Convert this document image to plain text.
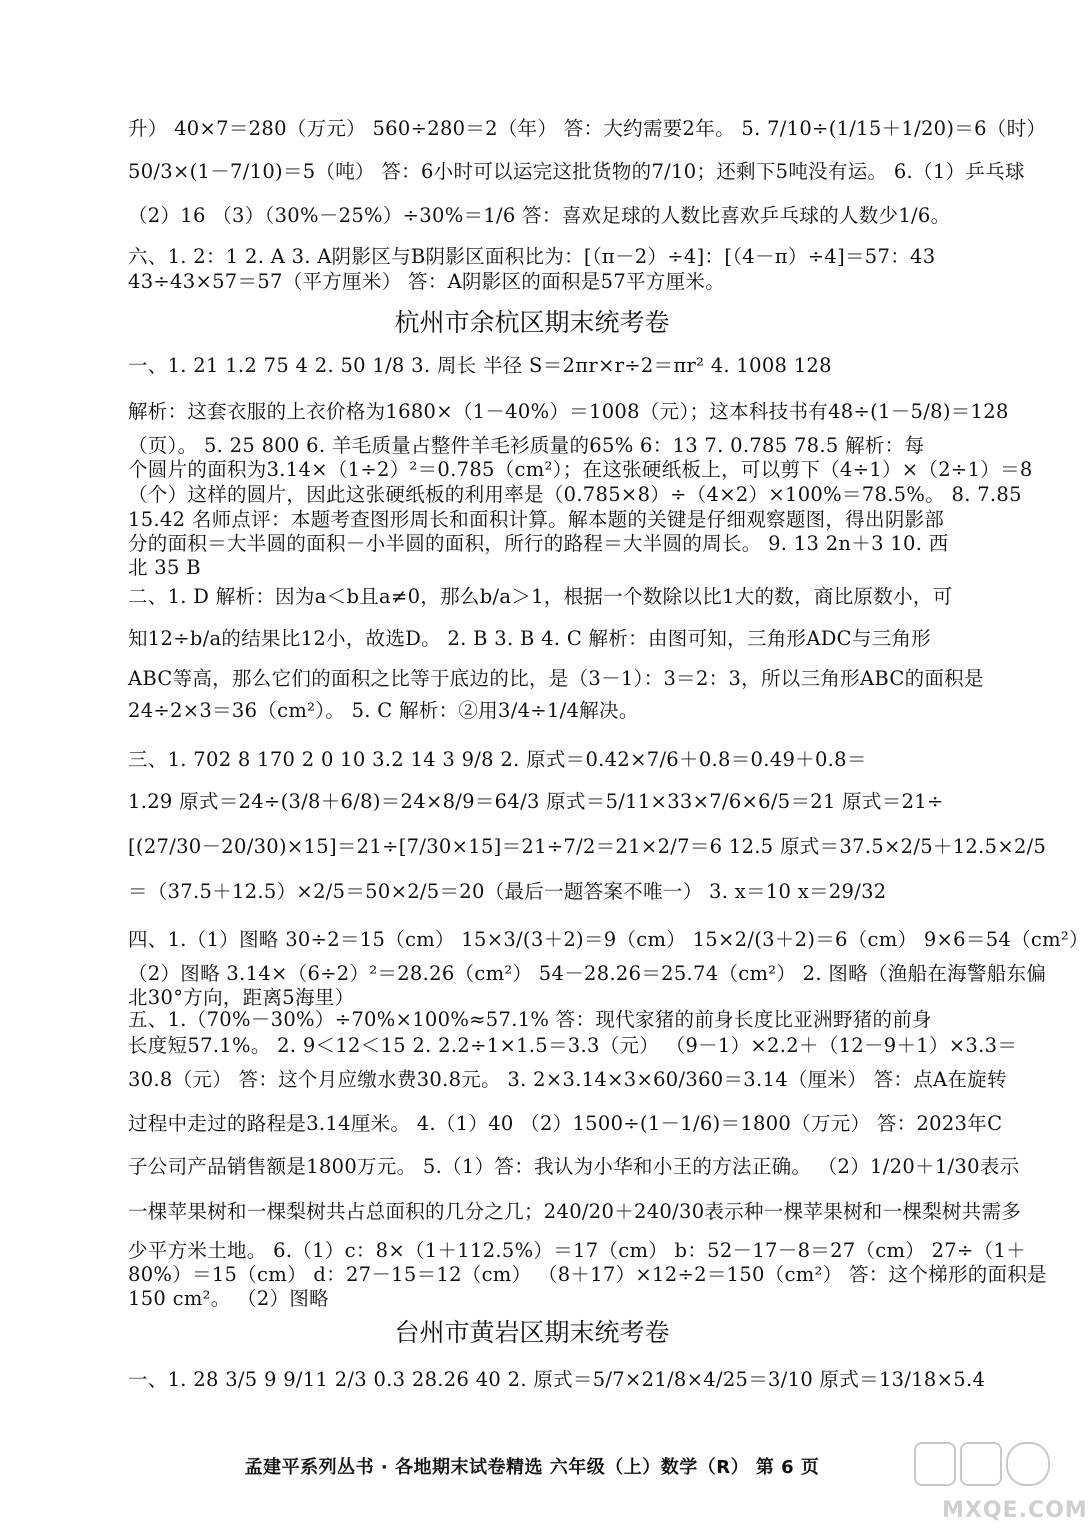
升） 40×7＝280（万元） 560÷280＝2（年） 答：大约需要2年。 5. 7/10÷(1/15＋1/20)＝6（时）
50/3×(1－7/10)＝5（吨） 答：6小时可以运完这批货物的7/10；还剩下5吨没有运。 6.（1）乒乓球
（2）16 （3）（30%－25%）÷30%＝1/6 答：喜欢足球的人数比喜欢乒乓球的人数少1/6。
六、1. 2：1 2. A 3. A阴影区与B阴影区面积比为：[（π－2）÷4]：[（4－π）÷4]＝57：43
43÷43×57＝57（平方厘米） 答：A阴影区的面积是57平方厘米。
杭州市余杭区期末统考卷
一、1. 21 1.2 75 4 2. 50 1/8 3. 周长 半径 S＝2πr×r÷2＝πr² 4. 1008 128
解析：这套衣服的上衣价格为1680×（1－40%）＝1008（元）；这本科技书有48÷(1－5/8)＝128
（页）。 5. 25 800 6. 羊毛质量占整件羊毛衫质量的65% 6：13 7. 0.785 78.5 解析：每
个圆片的面积为3.14×（1÷2）²＝0.785（cm²）；在这张硬纸板上，可以剪下（4÷1）×（2÷1）＝8
（个）这样的圆片，因此这张硬纸板的利用率是（0.785×8）÷（4×2）×100%＝78.5%。 8. 7.85
15.42 名师点评：本题考查图形周长和面积计算。解本题的关键是仔细观察题图，得出阴影部
分的面积＝大半圆的面积－小半圆的面积，所行的路程＝大半圆的周长。 9. 13 2n＋3 10. 西
北 35 B
二、1. D 解析：因为a＜b且a≠0，那么b/a＞1，根据一个数除以比1大的数，商比原数小，可
知12÷b/a的结果比12小，故选D。 2. B 3. B 4. C 解析：由图可知，三角形ADC与三角形
ABC等高，那么它们的面积之比等于底边的比，是（3－1）：3＝2：3，所以三角形ABC的面积是
24÷2×3＝36（cm²）。 5. C 解析：②用3/4÷1/4解决。
三、1. 702 8 170 2 0 10 3.2 14 3 9/8 2. 原式＝0.42×7/6＋0.8＝0.49＋0.8＝
1.29 原式＝24÷(3/8＋6/8)＝24×8/9＝64/3 原式＝5/11×33×7/6×6/5＝21 原式＝21÷
[(27/30－20/30)×15]＝21÷[7/30×15]＝21÷7/2＝21×2/7＝6 12.5 原式＝37.5×2/5＋12.5×2/5
＝（37.5＋12.5）×2/5＝50×2/5＝20（最后一题答案不唯一） 3. x＝10 x＝29/32
四、1.（1）图略 30÷2＝15（cm） 15×3/(3＋2)＝9（cm） 15×2/(3＋2)＝6（cm） 9×6＝54（cm²）
（2）图略 3.14×（6÷2）²＝28.26（cm²） 54－28.26＝25.74（cm²） 2. 图略（渔船在海警船东偏
北30°方向，距离5海里）
五、1.（70%－30%）÷70%×100%≈57.1% 答：现代家猪的前身长度比亚洲野猪的前身
长度短57.1%。 2. 9＜12＜15 2. 2.2÷1×1.5＝3.3（元） （9－1）×2.2＋（12－9＋1）×3.3＝
30.8（元） 答：这个月应缴水费30.8元。 3. 2×3.14×3×60/360＝3.14（厘米） 答：点A在旋转
过程中走过的路程是3.14厘米。 4.（1）40 （2）1500÷(1－1/6)＝1800（万元） 答：2023年C
子公司产品销售额是1800万元。 5.（1）答：我认为小华和小王的方法正确。 （2）1/20＋1/30表示
一棵苹果树和一棵梨树共占总面积的几分之几；240/20＋240/30表示种一棵苹果树和一棵梨树共需多
少平方米土地。 6.（1）c：8×（1＋112.5%）＝17（cm） b：52－17－8＝27（cm） 27÷（1＋
80%）＝15（cm） d：27－15＝12（cm） （8＋17）×12÷2＝150（cm²） 答：这个梯形的面积是
150 cm²。 （2）图略
台州市黄岩区期末统考卷
一、1. 28 3/5 9 9/11 2/3 0.3 28.26 40 2. 原式＝5/7×21/8×4/25＝3/10 原式＝13/18×5.4
孟建平系列丛书 · 各地期末试卷精选 六年级（上）数学（R） 第 6 页
MXQE.COM
